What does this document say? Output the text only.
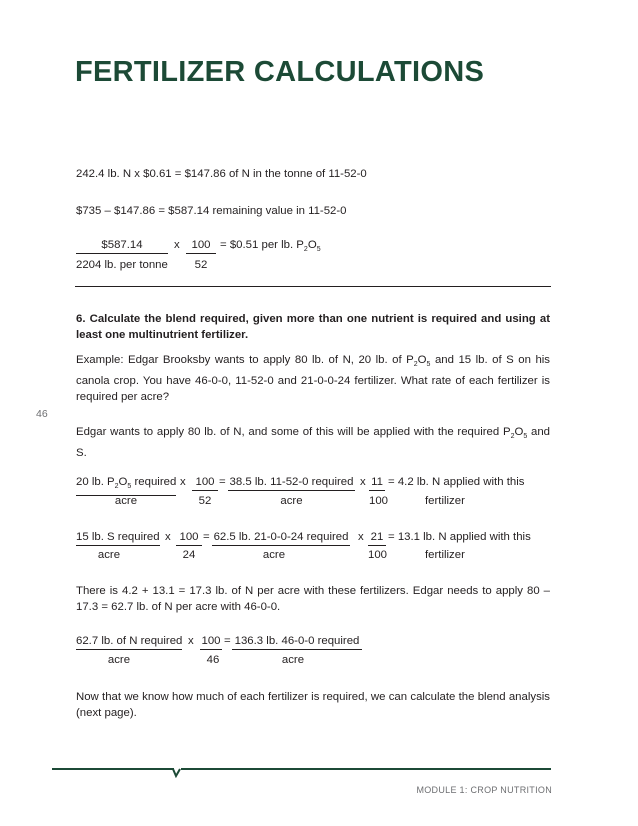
FERTILIZER CALCULATIONS
242.4 lb. N x $0.61 = $147.86 of N in the tonne of 11-52-0
$735 – $147.86 = $587.14 remaining value in 11-52-0
$587.14
2204 lb. per tonne
x	100
52
= $0.51 per lb. $P_2O_5$
6. Calculate the blend required, given more than one nutrient is required and using at least one multinutrient fertilizer.
Example: Edgar Brooksby wants to apply 80 lb. of N, 20 lb. of $P_2O_5$ and 15 lb. of S on his canola crop. You have 46-0-0, 11-52-0 and 21-0-0-24 fertilizer. What rate of each fertilizer is required per acre?
46
Edgar wants to apply 80 lb. of N, and some of this will be applied with the required $P_2O_5$ and S.
20 lb. $P_2O_5$ required
acre
x 100
52
= 38.5 lb. 11-52-0 required
acre
x 11
100
= 4.2 lb. N applied with this
fertilizer
15 lb. S required
acre
x 100
24
= 62.5 lb. 21-0-0-24 required
acre
x 21
100
= 13.1 lb. N applied with this
fertilizer
There is 4.2 + 13.1 = 17.3 lb. of N per acre with these fertilizers. Edgar needs to apply 80 – 17.3 = 62.7 lb. of N per acre with 46-0-0.
62.7 lb. of N required
acre
x 100
46
= 136.3 lb. 46-0-0 required
acre
Now that we know how much of each fertilizer is required, we can calculate the blend analysis (next page).
MODULE 1: CROP NUTRITION
